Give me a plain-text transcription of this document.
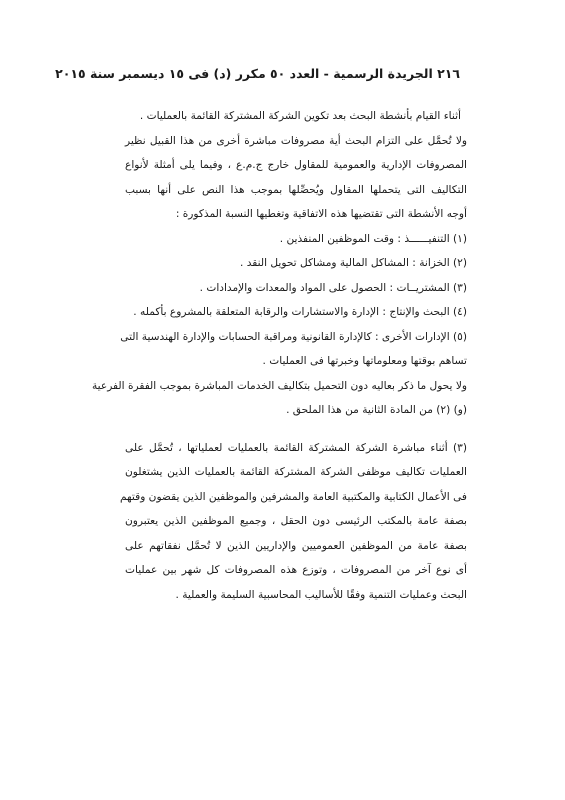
٢١٦ الجريدة الرسمية - العدد ٥٠ مكرر (د) فى ١٥ ديسمبر سنة ٢٠١٥
أثناء القيام بأنشطة البحث بعد تكوين الشركة المشتركة القائمة بالعمليات .
ولا تُحمَّل على التزام البحث أية مصروفات مباشرة أخرى من هذا القبيل نظير
المصروفات الإدارية والعمومية للمقاول خارج ج.م.ع ، وفيما يلى أمثلة لأنواع
التكاليف التى يتحملها المقاول ويُحصِّلها بموجب هذا النص على أنها بسبب
أوجه الأنشطة التى تقتضيها هذه الاتفاقية وتغطيها النسبة المذكورة :
(١) التنفيــــــذ : وقت الموظفين المنفذين .
(٢) الخزانة : المشاكل المالية ومشاكل تحويل النقد .
(٣) المشتريــات : الحصول على المواد والمعدات والإمدادات .
(٤) البحث والإنتاج : الإدارة والاستشارات والرقابة المتعلقة بالمشروع بأكمله .
(٥) الإدارات الأخرى : كالإدارة القانونية ومراقبة الحسابات والإدارة الهندسية التى
تساهم بوقتها ومعلوماتها وخبرتها فى العمليات .
ولا يحول ما ذكر بعاليه دون التحميل بتكاليف الخدمات المباشرة بموجب الفقرة الفرعية
(و) (٢) من المادة الثانية من هذا الملحق .
(٣) أثناء مباشرة الشركة المشتركة القائمة بالعمليات لعملياتها ، تُحمَّل على
العمليات تكاليف موظفى الشركة المشتركة القائمة بالعمليات الذين يشتغلون
فى الأعمال الكتابية والمكتبية العامة والمشرفين والموظفين الذين يقضون وقتهم
بصفة عامة بالمكتب الرئيسى دون الحقل ، وجميع الموظفين الذين يعتبرون
بصفة عامة من الموظفين العموميين والإداريين الذين لا تُحمَّل نفقاتهم على
أى نوع آخر من المصروفات ، وتوزع هذه المصروفات كل شهر بين عمليات
البحث وعمليات التنمية وفقًا للأساليب المحاسبية السليمة والعملية .
